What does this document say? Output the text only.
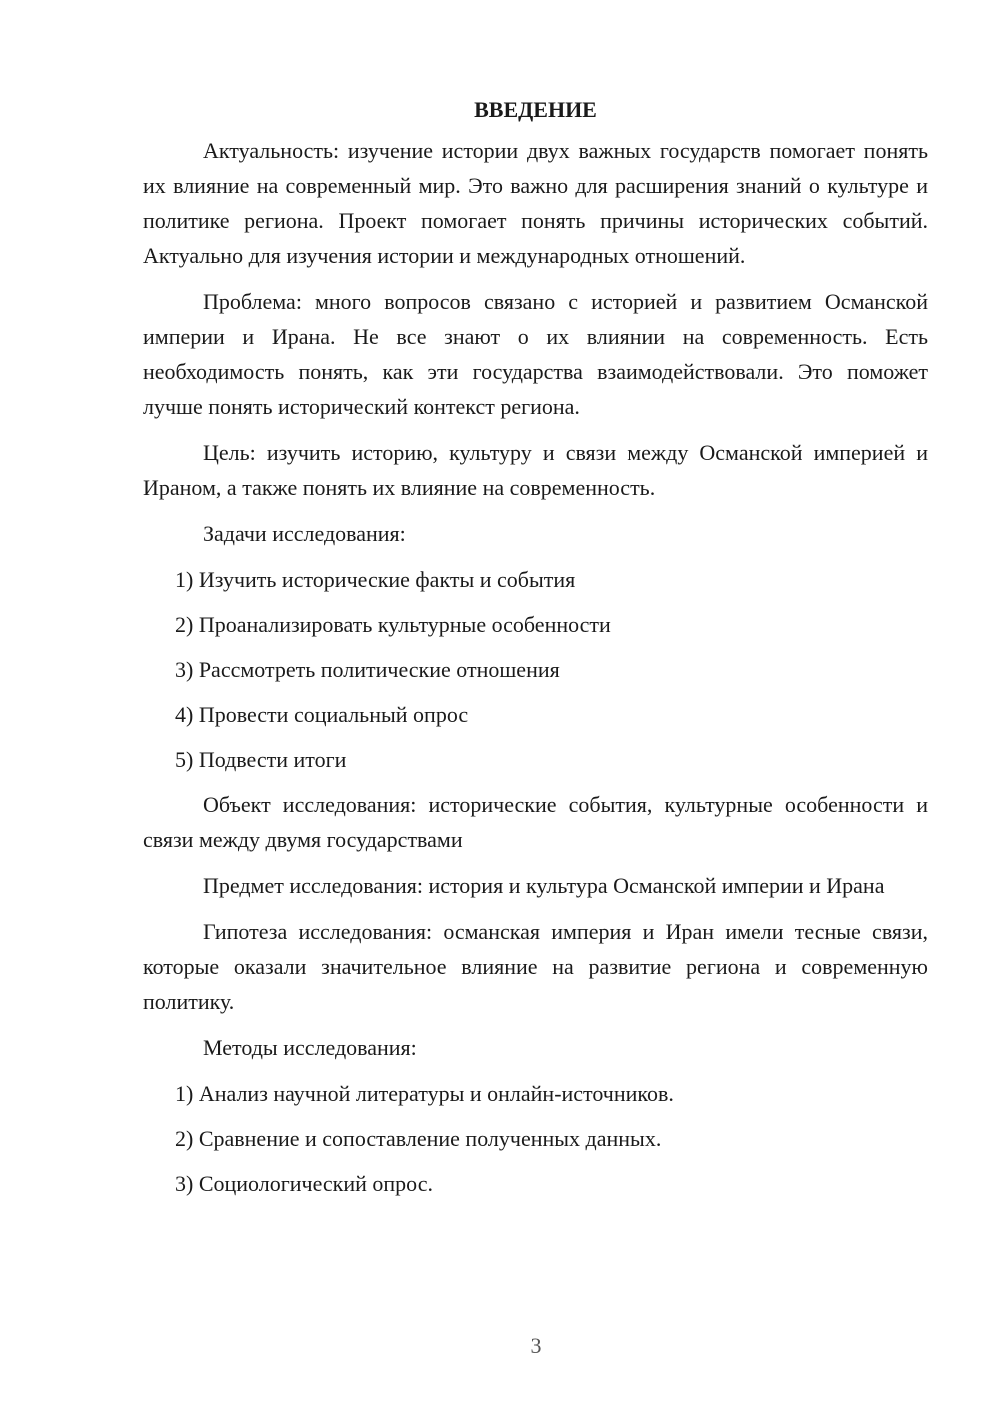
ВВЕДЕНИЕ

Актуальность: изучение истории двух важных государств помогает понять их влияние на современный мир. Это важно для расширения знаний о культуре и политике региона. Проект помогает понять причины исторических событий. Актуально для изучения истории и международных отношений.

Проблема: много вопросов связано с историей и развитием Османской империи и Ирана. Не все знают о их влиянии на современность. Есть необходимость понять, как эти государства взаимодействовали. Это поможет лучше понять исторический контекст региона.

Цель: изучить историю, культуру и связи между Османской империей и Ираном, а также понять их влияние на современность.

Задачи исследования:

1) Изучить исторические факты и события
2) Проанализировать культурные особенности
3) Рассмотреть политические отношения
4) Провести социальный опрос
5) Подвести итоги

Объект исследования: исторические события, культурные особенности и связи между двумя государствами

Предмет исследования: история и культура Османской империи и Ирана

Гипотеза исследования: османская империя и Иран имели тесные связи, которые оказали значительное влияние на развитие региона и современную политику.

Методы исследования:

1) Анализ научной литературы и онлайн-источников.
2) Сравнение и сопоставление полученных данных.
3) Социологический опрос.
3
